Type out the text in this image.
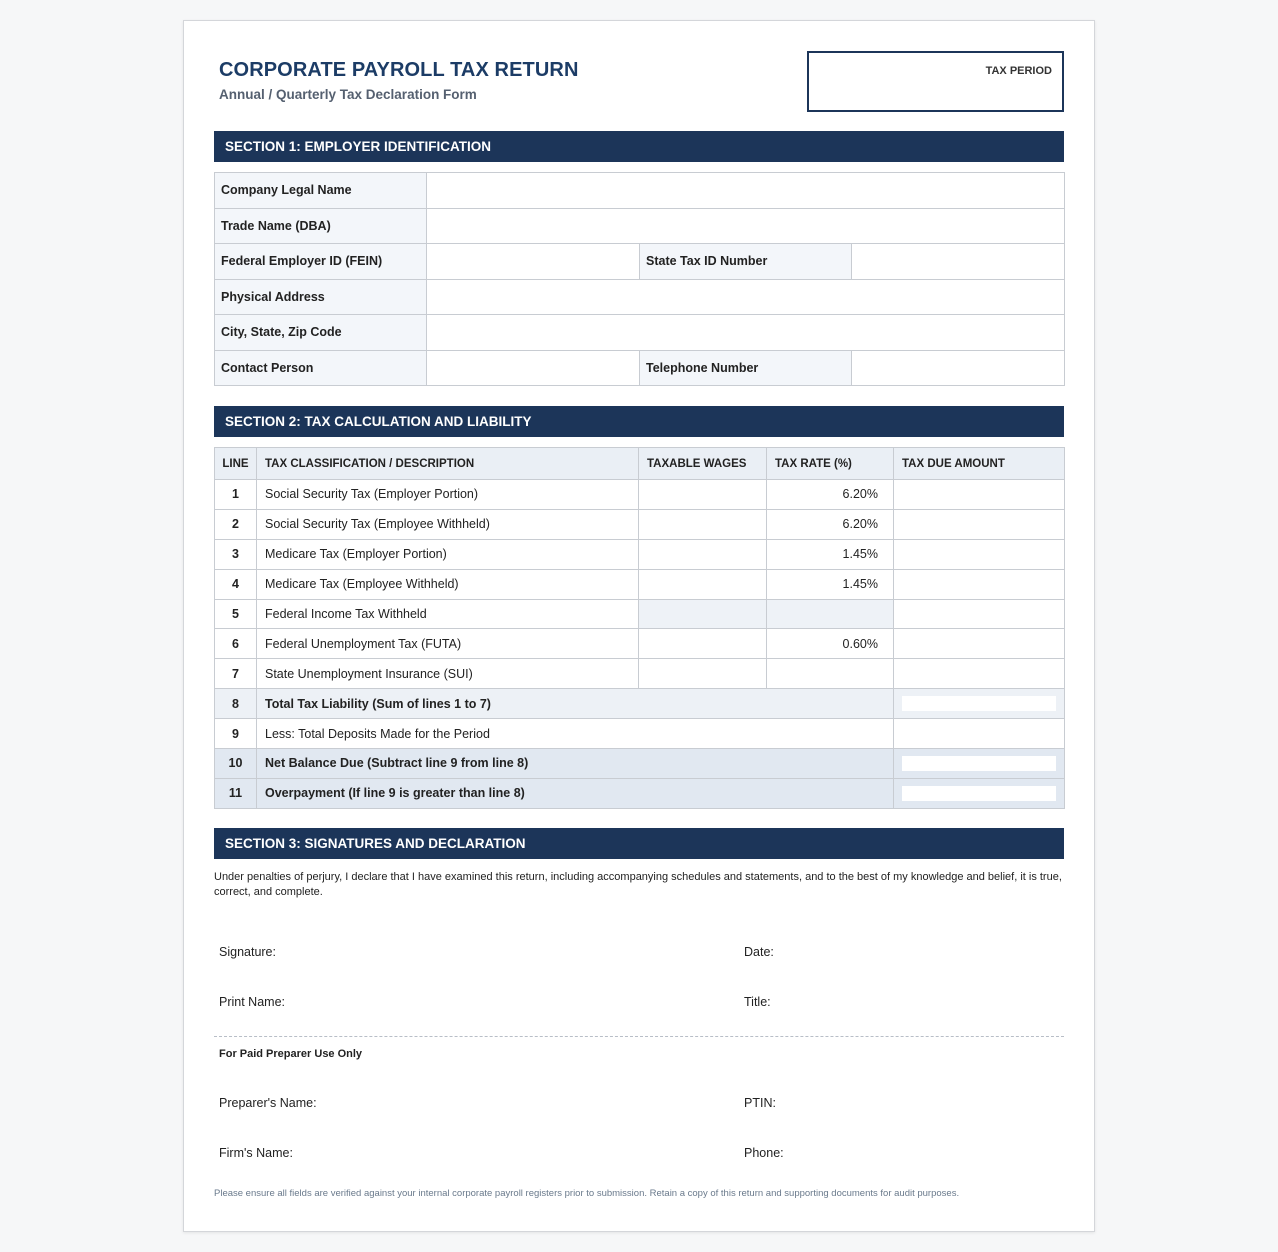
CORPORATE PAYROLL TAX RETURN
Annual / Quarterly Tax Declaration Form
TAX PERIOD
SECTION 1: EMPLOYER IDENTIFICATION
Company Legal Name			
Trade Name (DBA)			
Federal Employer ID (FEIN)		State Tax ID Number	
Physical Address			
City, State, Zip Code			
Contact Person		Telephone Number	
SECTION 2: TAX CALCULATION AND LIABILITY
LINE	TAX CLASSIFICATION / DESCRIPTION	TAXABLE WAGES	TAX RATE (%)	TAX DUE AMOUNT
1	Social Security Tax (Employer Portion)		6.20%	
2	Social Security Tax (Employee Withheld)		6.20%	
3	Medicare Tax (Employer Portion)		1.45%	
4	Medicare Tax (Employee Withheld)		1.45%	
5	Federal Income Tax Withheld			
6	Federal Unemployment Tax (FUTA)		0.60%	
7	State Unemployment Insurance (SUI)			
8	Total Tax Liability (Sum of lines 1 to 7)			

9	Less: Total Deposits Made for the Period			
10	Net Balance Due (Subtract line 9 from line 8)			

11	Overpayment (If line 9 is greater than line 8)			
SECTION 3: SIGNATURES AND DECLARATION
Under penalties of perjury, I declare that I have examined this return, including accompanying schedules and statements, and to the best of my knowledge and belief, it is true, correct, and complete.
Signature:	Date:
Print Name:	Title:
For Paid Preparer Use Only
Preparer's Name:	PTIN:
Firm's Name:	Phone:
Please ensure all fields are verified against your internal corporate payroll registers prior to submission. Retain a copy of this return and supporting documents for audit purposes.
